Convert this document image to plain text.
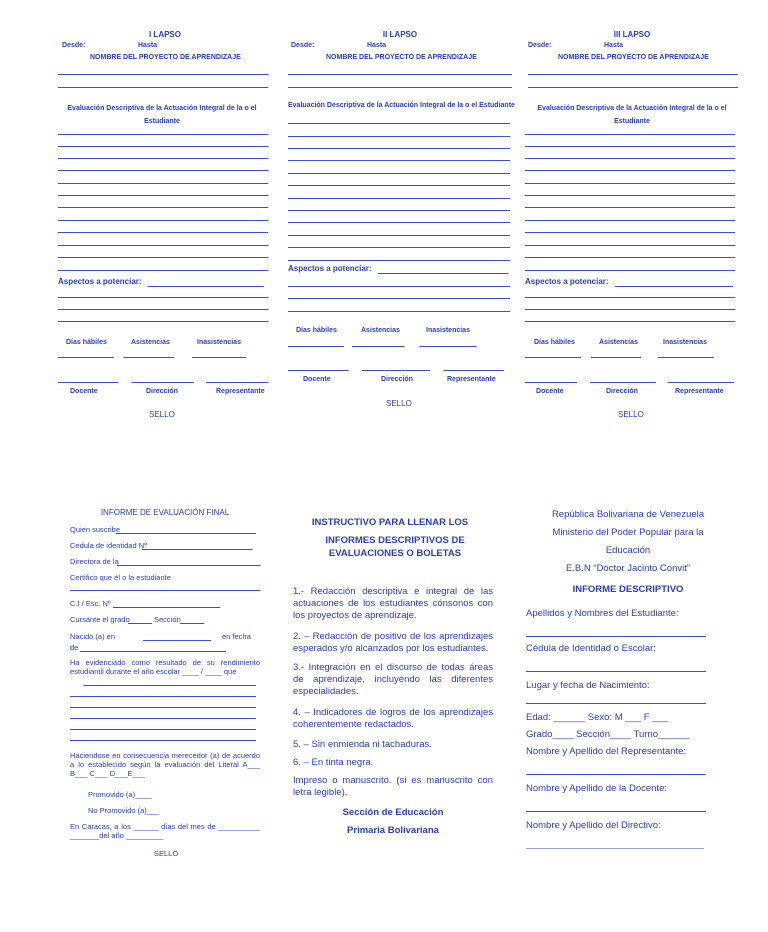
I LAPSO
Desde:	Hasta
NOMBRE DEL PROYECTO DE APRENDIZAJE
Evaluación Descriptiva de la Actuación Integral de la o el Estudiante
Aspectos a potenciar:
Días hábiles	Asistencias	Inasistencias
Docente	Dirección	Representante
SELLO
II LAPSO
Desde:	Hasta
NOMBRE DEL PROYECTO DE APRENDIZAJE
Evaluación Descriptiva de la Actuación Integral de la o el Estudiante
Aspectos a potenciar:
Días hábiles	Asistencias	Inasistencias
Docente	Dirección	Representante
SELLO
III LAPSO
Desde:	Hasta
NOMBRE DEL PROYECTO DE APRENDIZAJE
Evaluación Descriptiva de la Actuación Integral de la o el Estudiante
Aspectos a potenciar:
Días hábiles	Asistencias	Inasistencias
Docente	Dirección	Representante
SELLO
INFORME DE EVALUACIÓN FINAL
Quien suscribe
Cedula de identidad Nº
Directora de la
Certifico que él o la estudiante
C.I / Esc. Nº
Cursante el grado	Sección
Nacido (a) en	en fecha
de
Ha evidenciado como resultado de su rendimiento estudiantil durante el año escolar ____ / ____ que
Haciendose en consecuencia merecedor (a) de acuerdo a lo establecido según la evaluación del Literal A___ B___ C___ D___E___
Promovido (a)____
No Promovido (a)___
En Caracas, a los ______ días del mes de __________ _______del año _________
SELLO
INSTRUCTIVO PARA LLENAR LOS
INFORMES DESCRIPTIVOS DE
EVALUACIONES O BOLETAS
1.- Redacción descriptiva e integral de las actuaciones de los estudiantes cónsonos con los proyectos de aprendizaje.
2. – Redacción de positivo de los aprendizajes esperados y/o alcanzados por los estudiantes.
3.- Integración en el discurso de todas áreas de aprendizaje, incluyendo las diferentes especialidades.
4. – Indicadores de logros de los aprendizajes coherentemente redactados.
5. – Sin enmienda ni tachaduras.
6. – En tinta negra.
Impreso o manuscrito. (si es manuscrito con letra legible).
Sección de Educación
Primaria Bolivariana
República Bolivariana de Venezuela
Ministerio del Poder Popular para la
Educación
E.B.N “Doctor Jacinto Convit”
INFORME DESCRIPTIVO
Apellidos y Nombres del Estudiante:
Cédula de Identidad o Escolar:
Lugar y fecha de Nacimiento:
Edad: ______ Sexo: M ___ F ___
Grado____ Sección____ Turno______
Nombre y Apellido del Representante:
Nombre y Apellido de la Docente:
Nombre y Apellido del Directivo:
